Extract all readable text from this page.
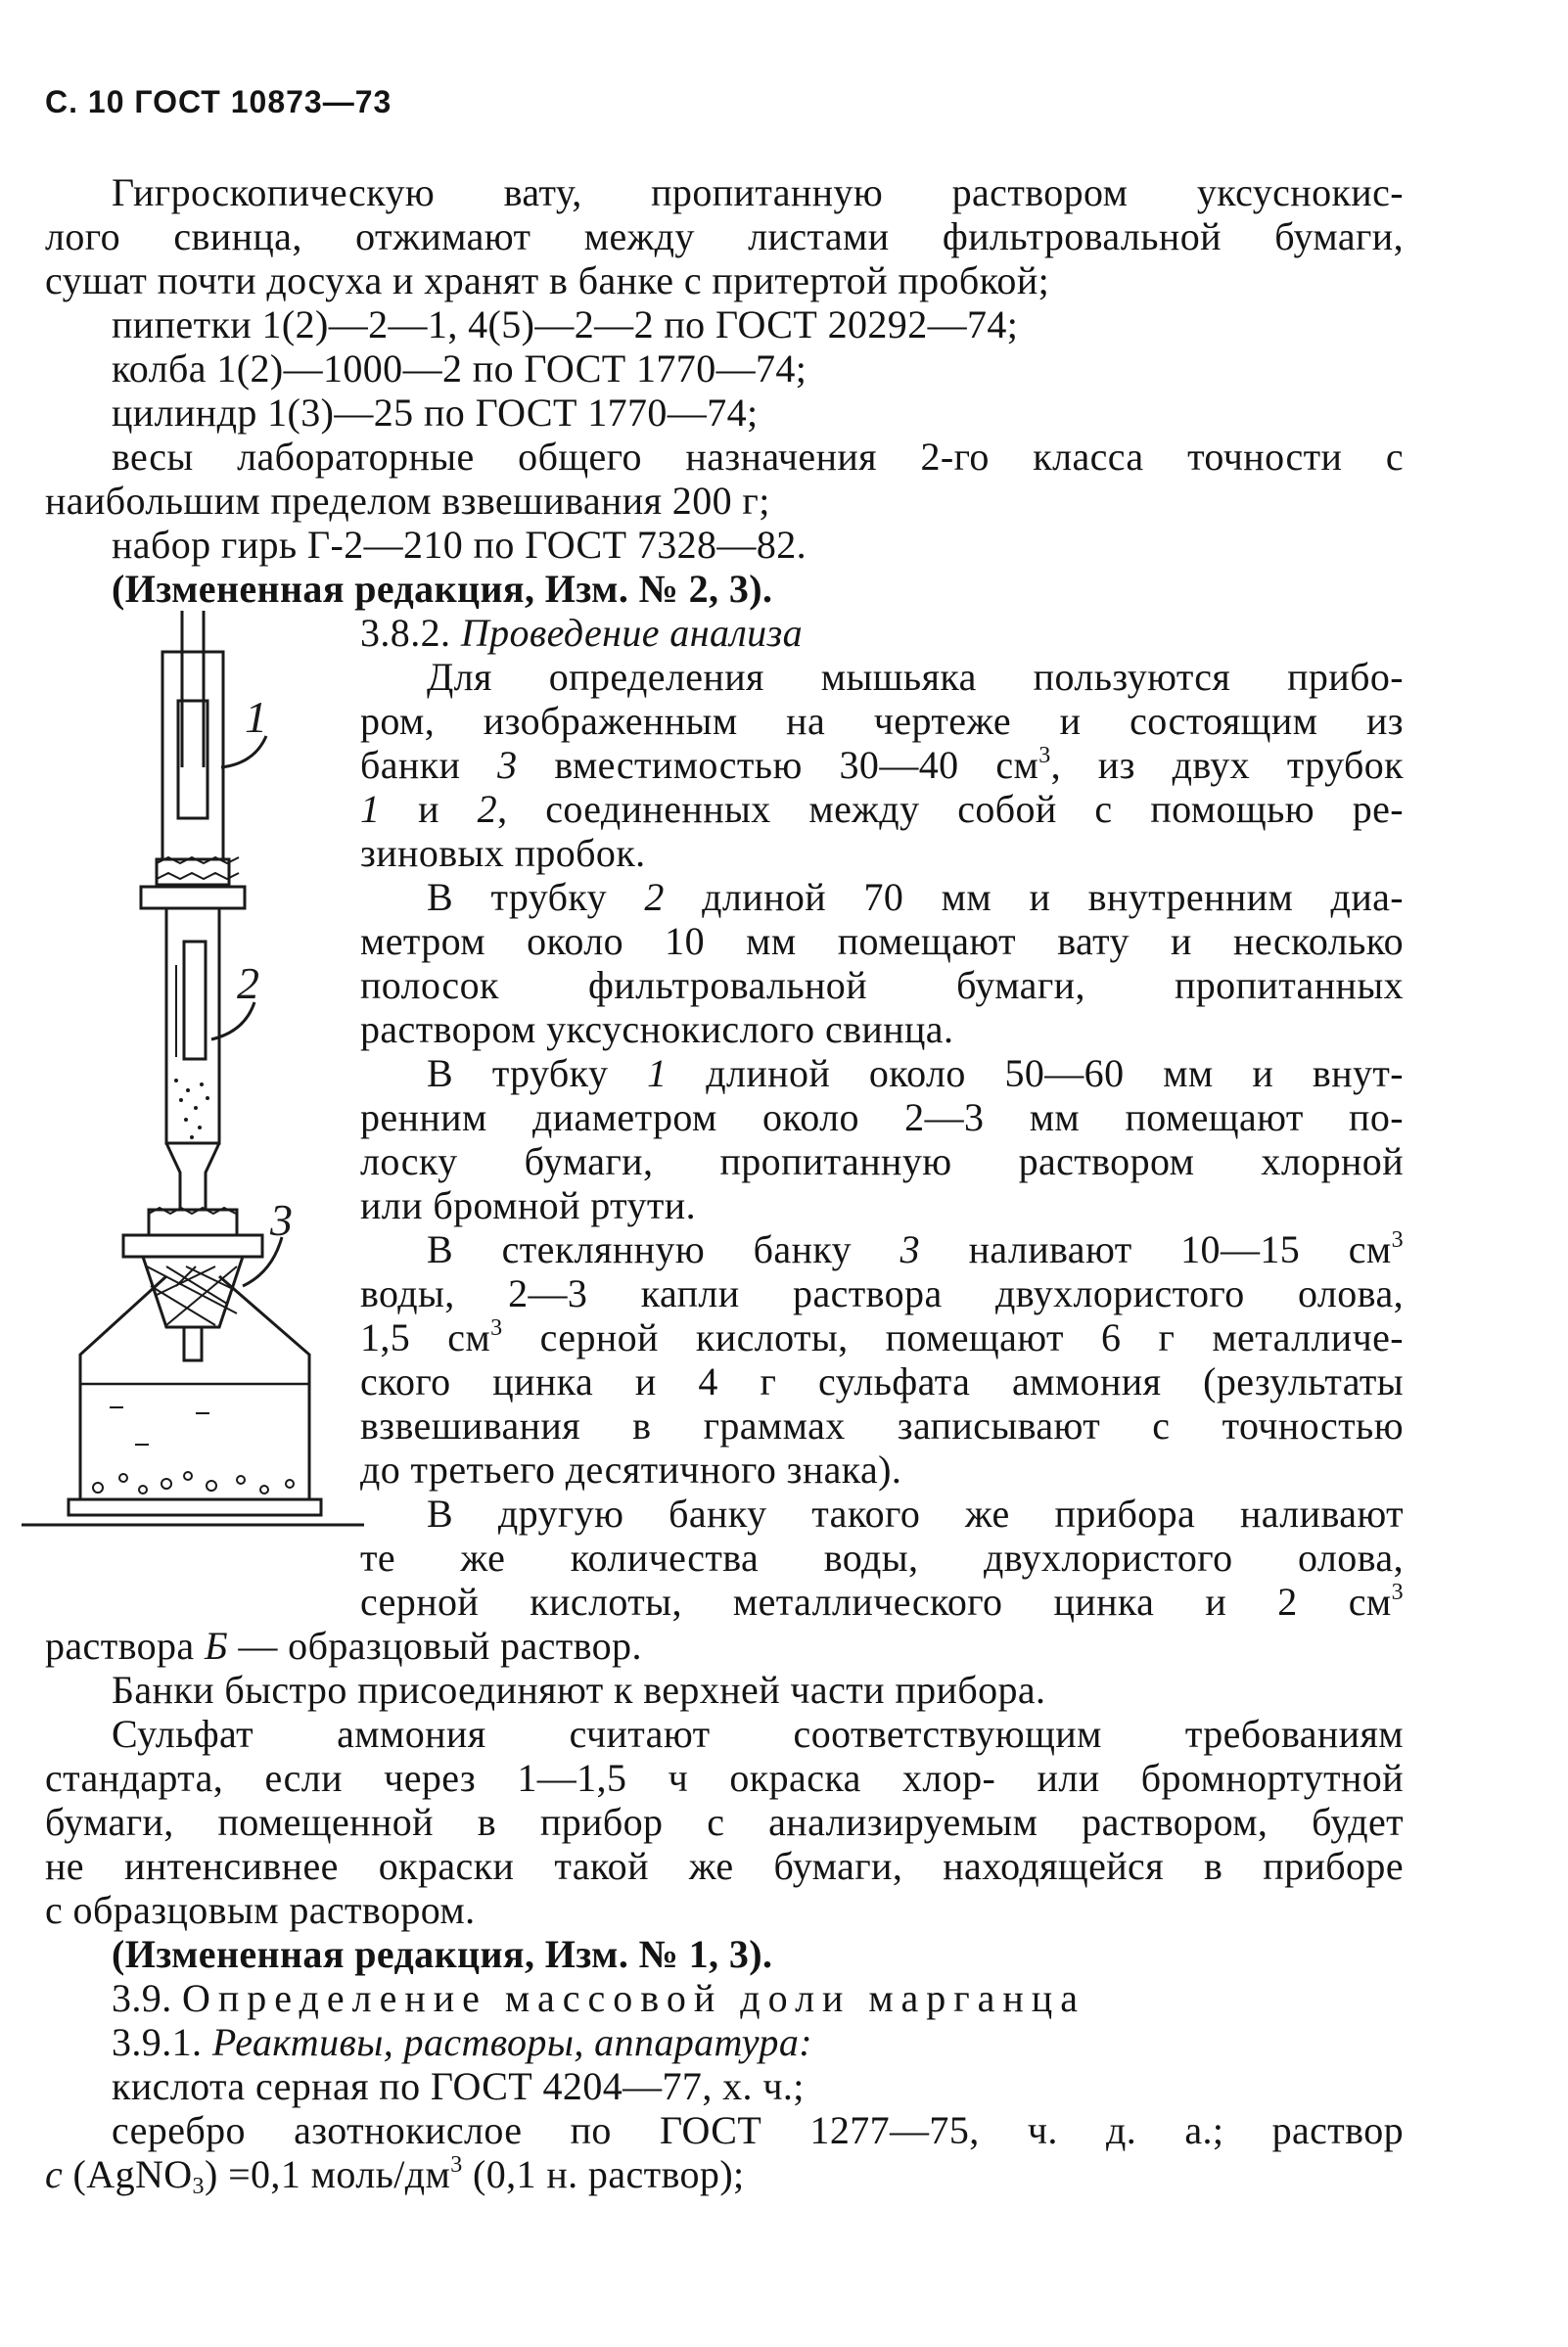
С. 10 ГОСТ 10873—73
Гигроскопическую вату, пропитанную раствором уксуснокис-
лого свинца, отжимают между листами фильтровальной бумаги,
сушат почти досуха и хранят в банке с притертой пробкой;
пипетки 1(2)—2—1, 4(5)—2—2 по ГОСТ 20292—74;
колба 1(2)—1000—2 по ГОСТ 1770—74;
цилиндр 1(3)—25 по ГОСТ 1770—74;
весы лабораторные общего назначения 2-го класса точности с
наибольшим пределом взвешивания 200 г;
набор гирь Г-2—210 по ГОСТ 7328—82.
(Измененная редакция, Изм. № 2, 3).
1
2
3
3.8.2. Проведение анализа
Для определения мышьяка пользуются прибо-
ром, изображенным на чертеже и состоящим из
банки 3 вместимостью 30—40 $см^3$, из двух трубок
1 и 2, соединенных между собой с помощью ре-
зиновых пробок.
В трубку 2 длиной 70 мм и внутренним диа-
метром около 10 мм помещают вату и несколько
полосок фильтровальной бумаги, пропитанных
раствором уксуснокислого свинца.
В трубку 1 длиной около 50—60 мм и внут-
ренним диаметром около 2—3 мм помещают по-
лоску бумаги, пропитанную раствором хлорной
или бромной ртути.
В стеклянную банку 3 наливают 10—15 $см^3$
воды, 2—3 капли раствора двухлористого олова,
1,5 $см^3$ серной кислоты, помещают 6 г металличе-
ского цинка и 4 г сульфата аммония (результаты
взвешивания в граммах записывают с точностью
до третьего десятичного знака).
В другую банку такого же прибора наливают
те же количества воды, двухлористого олова,
серной кислоты, металлического цинка и 2 $см^3$
раствора Б — образцовый раствор.
Банки быстро присоединяют к верхней части прибора.
Сульфат аммония считают соответствующим требованиям
стандарта, если через 1—1,5 ч окраска хлор- или бромнортутной
бумаги, помещенной в прибор с анализируемым раствором, будет
не интенсивнее окраски такой же бумаги, находящейся в приборе
с образцовым раствором.
(Измененная редакция, Изм. № 1, 3).
3.9. Определение массовой доли марганца
3.9.1. Реактивы, растворы, аппаратура:
кислота серная по ГОСТ 4204—77, х. ч.;
серебро азотнокислое по ГОСТ 1277—75, ч. д. а.; раствор
с (AgNO$_3$) =0,1 моль/$дм^3$ (0,1 н. раствор);
